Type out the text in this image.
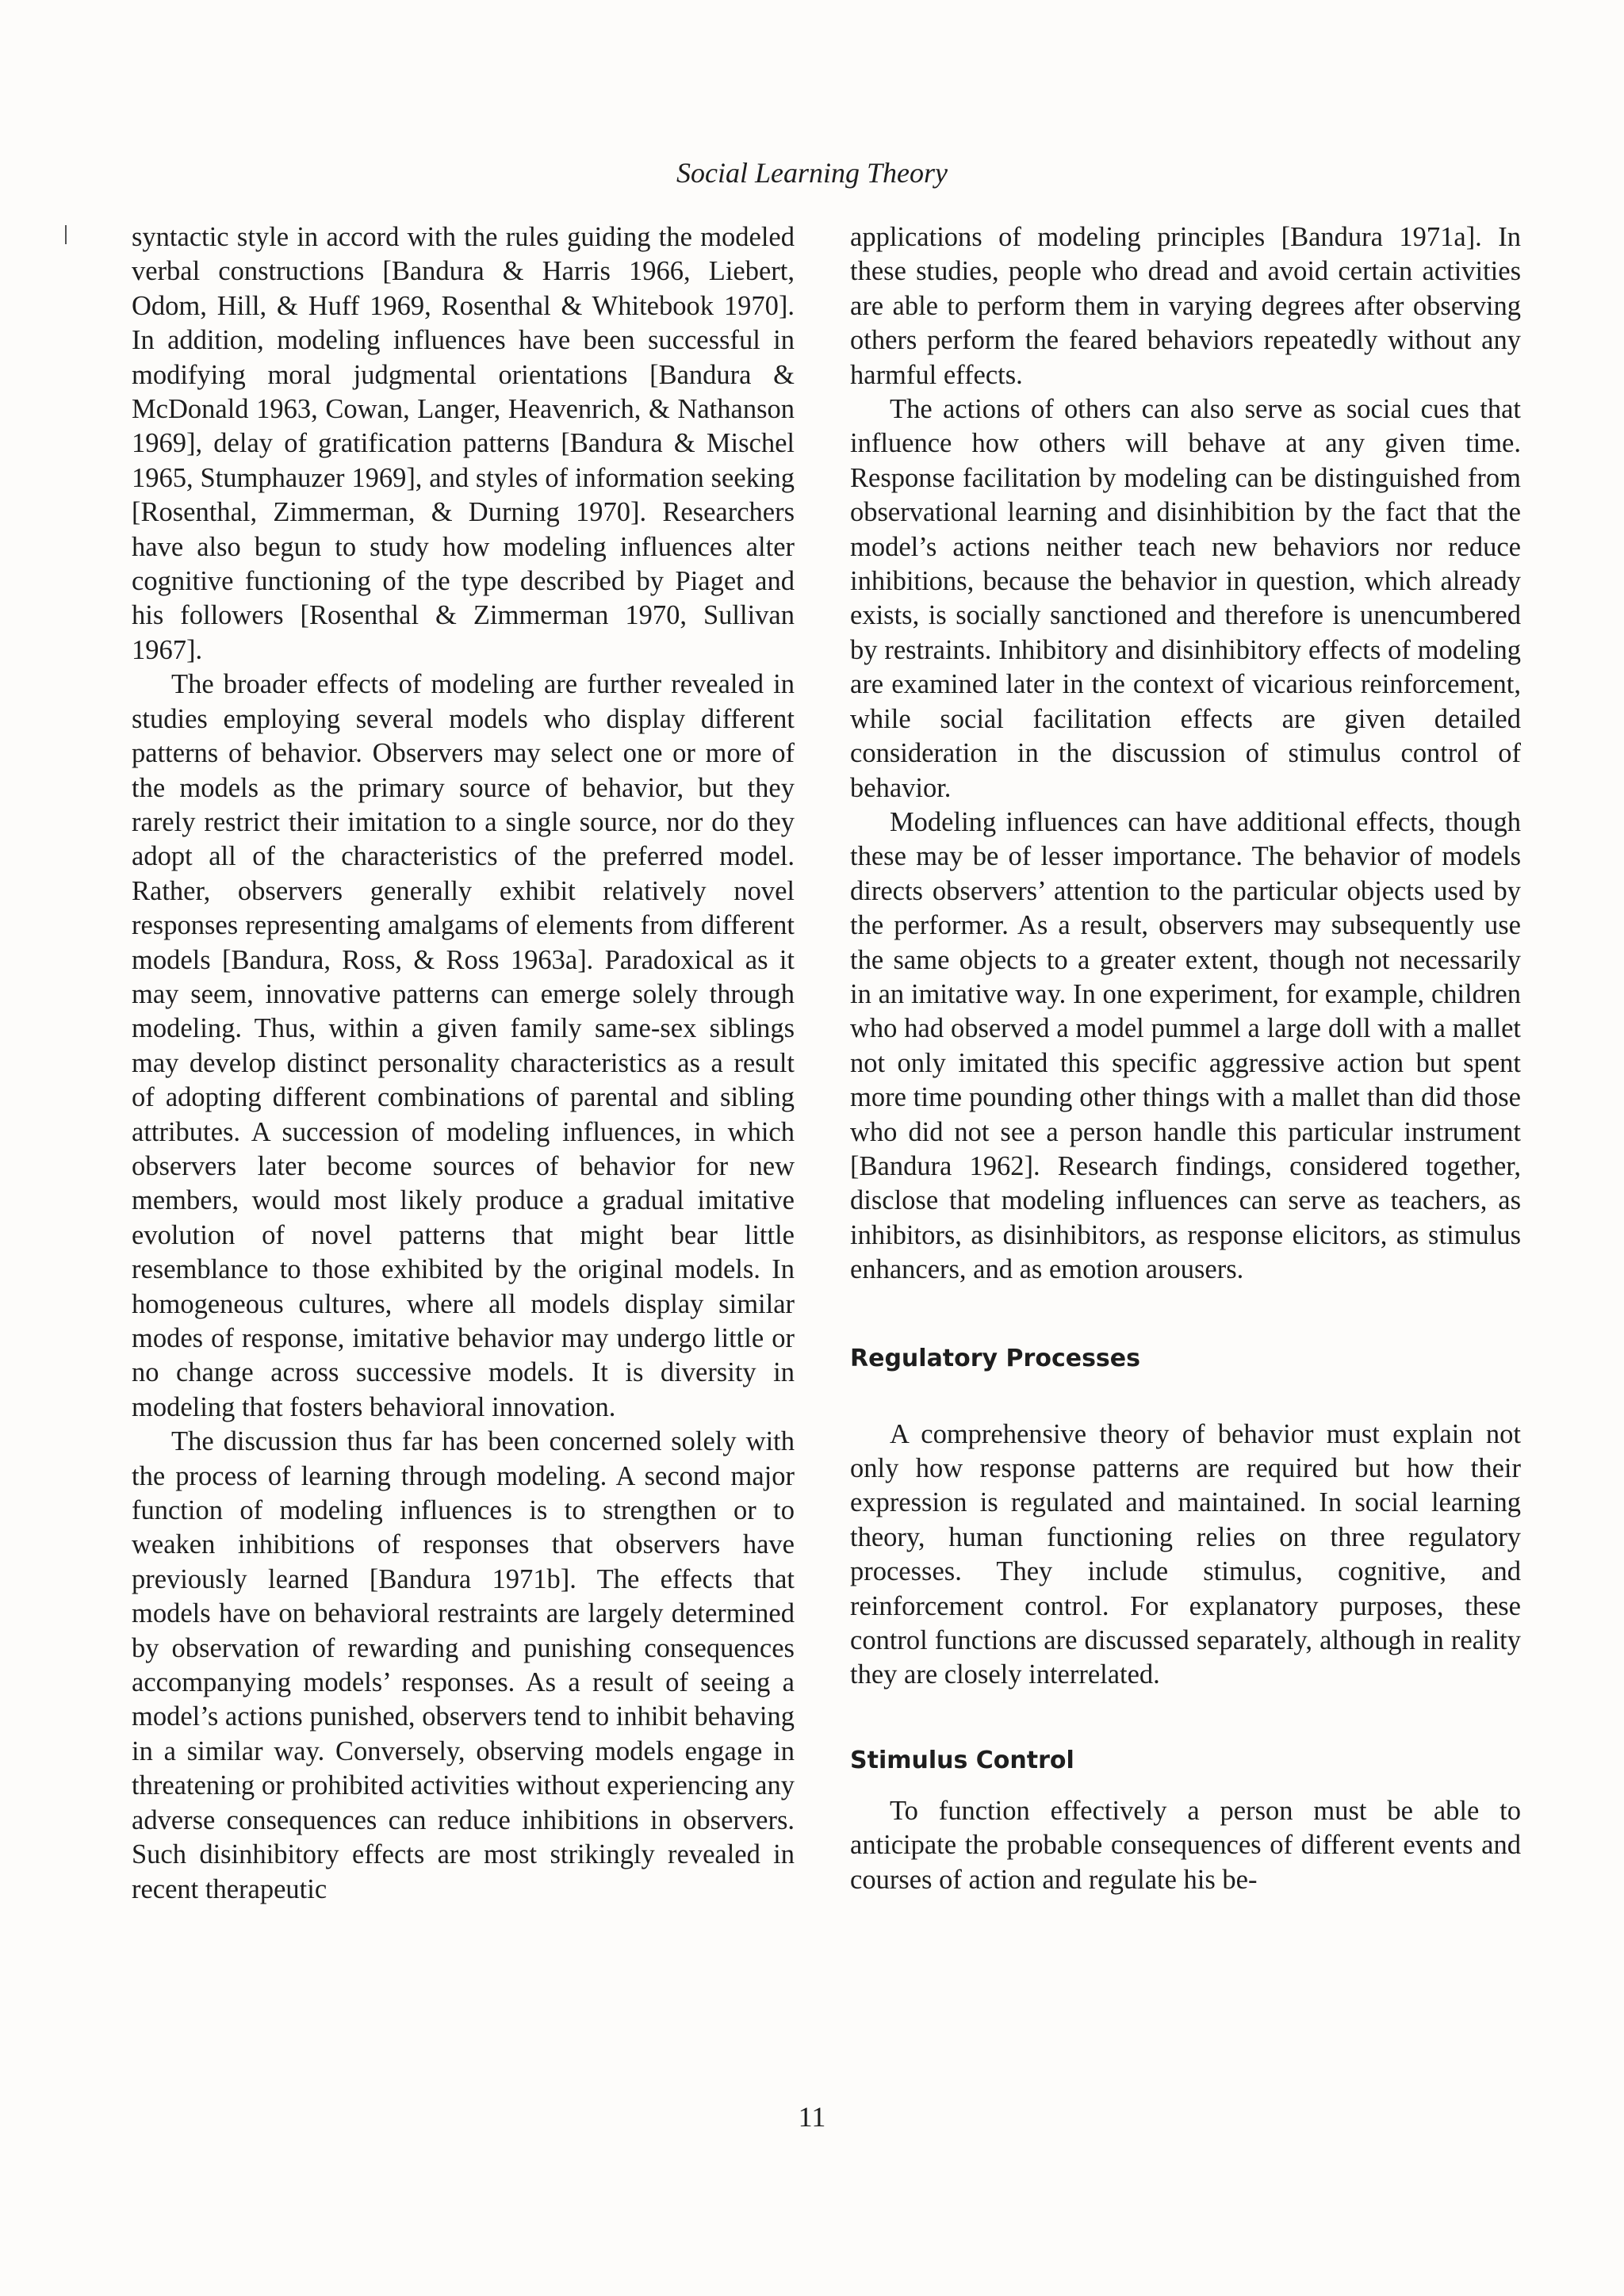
Social Learning Theory

syntactic style in accord with the rules guiding the modeled verbal constructions [Bandura & Harris 1966, Liebert, Odom, Hill, & Huff 1969, Rosenthal & Whitebook 1970]. In addition, modeling influences have been successful in modifying moral judgmental orientations [Bandura & McDonald 1963, Cowan, Langer, Heavenrich, & Nathanson 1969], delay of gratification patterns [Bandura & Mischel 1965, Stumphauzer 1969], and styles of information seeking [Rosenthal, Zimmerman, & Durning 1970]. Researchers have also begun to study how modeling influences alter cognitive functioning of the type described by Piaget and his followers [Rosenthal & Zimmerman 1970, Sullivan 1967].

The broader effects of modeling are further revealed in studies employing several models who display different patterns of behavior. Observers may select one or more of the models as the primary source of behavior, but they rarely restrict their imitation to a single source, nor do they adopt all of the characteristics of the preferred model. Rather, observers generally exhibit relatively novel responses representing amalgams of elements from different models [Bandura, Ross, & Ross 1963a]. Paradoxical as it may seem, innovative patterns can emerge solely through modeling. Thus, within a given family same-sex siblings may develop distinct personality characteristics as a result of adopting different combinations of parental and sibling attributes. A succession of modeling influences, in which observers later become sources of behavior for new members, would most likely produce a gradual imitative evolution of novel patterns that might bear little resemblance to those exhibited by the original models. In homogeneous cultures, where all models display similar modes of response, imitative behavior may undergo little or no change across successive models. It is diversity in modeling that fosters behavioral innovation.

The discussion thus far has been concerned solely with the process of learning through modeling. A second major function of modeling influences is to strengthen or to weaken inhibitions of responses that observers have previously learned [Bandura 1971b]. The effects that models have on behavioral restraints are largely determined by observation of rewarding and punishing consequences accompanying models’ responses. As a result of seeing a model’s actions punished, observers tend to inhibit behaving in a similar way. Conversely, observing models engage in threatening or prohibited activities without experiencing any adverse consequences can reduce inhibitions in observers. Such disinhibitory effects are most strikingly revealed in recent therapeutic

applications of modeling principles [Bandura 1971a]. In these studies, people who dread and avoid certain activities are able to perform them in varying degrees after observing others perform the feared behaviors repeatedly without any harmful effects.

The actions of others can also serve as social cues that influence how others will behave at any given time. Response facilitation by modeling can be distinguished from observational learning and disinhibition by the fact that the model’s actions neither teach new behaviors nor reduce inhibitions, because the behavior in question, which already exists, is socially sanctioned and therefore is unencumbered by restraints. Inhibitory and disinhibitory effects of modeling are examined later in the context of vicarious reinforcement, while social facilitation effects are given detailed consideration in the discussion of stimulus control of behavior.

Modeling influences can have additional effects, though these may be of lesser importance. The behavior of models directs observers’ attention to the particular objects used by the performer. As a result, observers may subsequently use the same objects to a greater extent, though not necessarily in an imitative way. In one experiment, for example, children who had observed a model pummel a large doll with a mallet not only imitated this specific aggressive action but spent more time pounding other things with a mallet than did those who did not see a person handle this particular instrument [Bandura 1962]. Research findings, considered together, disclose that modeling influences can serve as teachers, as inhibitors, as disinhibitors, as response elicitors, as stimulus enhancers, and as emotion arousers.

Regulatory Processes

A comprehensive theory of behavior must explain not only how response patterns are required but how their expression is regulated and maintained. In social learning theory, human functioning relies on three regulatory processes. They include stimulus, cognitive, and reinforcement control. For explanatory purposes, these control functions are discussed separately, although in reality they are closely interrelated.

Stimulus Control

To function effectively a person must be able to anticipate the probable consequences of different events and courses of action and regulate his be-

11
